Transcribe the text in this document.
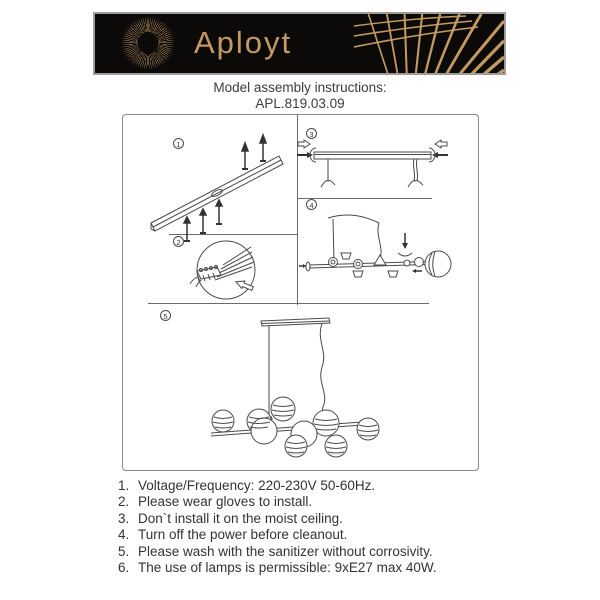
Aployt
Model assembly instructions:
APL.819.03.09
1
2
3
4
5
1. Voltage/Frequency: 220-230V 50-60Hz.
2. Please wear gloves to install.
3. Don`t install it on the moist ceiling.
4. Turn off the power before cleanout.
5. Please wash with the sanitizer without corrosivity.
6. The use of lamps is permissible: 9xE27 max 40W.
